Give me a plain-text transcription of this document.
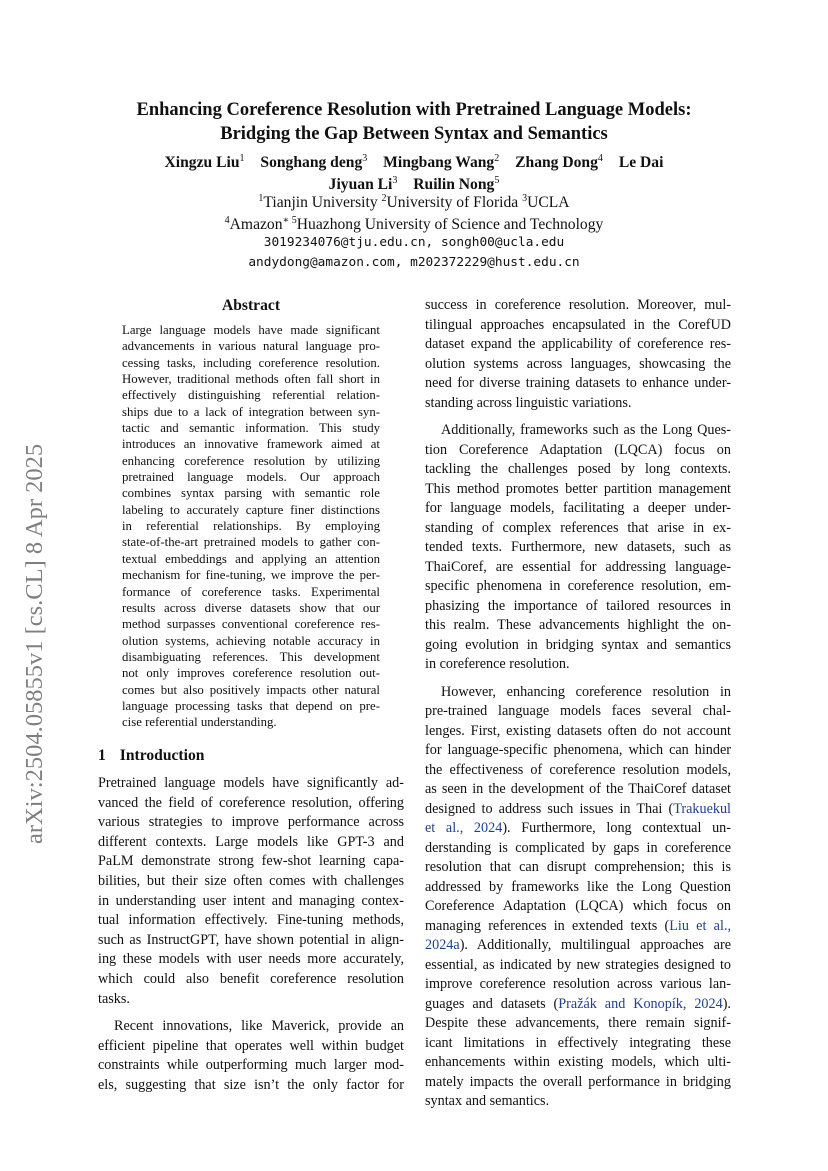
arXiv:2504.05855v1 [cs.CL] 8 Apr 2025
Enhancing Coreference Resolution with Pretrained Language Models:
Bridging the Gap Between Syntax and Semantics
Xingzu Liu$^1$ Songhang deng$^3$ Mingbang Wang$^2$ Zhang Dong$^4$ Le Dai
Jiyuan Li$^3$ Ruilin Nong$^5$
$^1$Tianjin University $^2$University of Florida $^3$UCLA
$^4$Amazon$^{∗ 5}$Huazhong University of Science and Technology
3019234076@tju.edu.cn, songh00@ucla.edu
andydong@amazon.com, m202372229@hust.edu.cn
Abstract
Large language models have made significant
advancements in various natural language pro-
cessing tasks, including coreference resolution.
However, traditional methods often fall short in
effectively distinguishing referential relation-
ships due to a lack of integration between syn-
tactic and semantic information. This study
introduces an innovative framework aimed at
enhancing coreference resolution by utilizing
pretrained language models. Our approach
combines syntax parsing with semantic role
labeling to accurately capture finer distinctions
in referential relationships. By employing
state-of-the-art pretrained models to gather con-
textual embeddings and applying an attention
mechanism for fine-tuning, we improve the per-
formance of coreference tasks. Experimental
results across diverse datasets show that our
method surpasses conventional coreference res-
olution systems, achieving notable accuracy in
disambiguating references. This development
not only improves coreference resolution out-
comes but also positively impacts other natural
language processing tasks that depend on pre-
cise referential understanding.
1 Introduction
Pretrained language models have significantly ad-
vanced the field of coreference resolution, offering
various strategies to improve performance across
different contexts. Large models like GPT-3 and
PaLM demonstrate strong few-shot learning capa-
bilities, but their size often comes with challenges
in understanding user intent and managing contex-
tual information effectively. Fine-tuning methods,
such as InstructGPT, have shown potential in align-
ing these models with user needs more accurately,
which could also benefit coreference resolution
tasks.
Recent innovations, like Maverick, provide an
efficient pipeline that operates well within budget
constraints while outperforming much larger mod-
els, suggesting that size isn’t the only factor for
success in coreference resolution. Moreover, mul-
tilingual approaches encapsulated in the CorefUD
dataset expand the applicability of coreference res-
olution systems across languages, showcasing the
need for diverse training datasets to enhance under-
standing across linguistic variations.
Additionally, frameworks such as the Long Ques-
tion Coreference Adaptation (LQCA) focus on
tackling the challenges posed by long contexts.
This method promotes better partition management
for language models, facilitating a deeper under-
standing of complex references that arise in ex-
tended texts. Furthermore, new datasets, such as
ThaiCoref, are essential for addressing language-
specific phenomena in coreference resolution, em-
phasizing the importance of tailored resources in
this realm. These advancements highlight the on-
going evolution in bridging syntax and semantics
in coreference resolution.
However, enhancing coreference resolution in
pre-trained language models faces several chal-
lenges. First, existing datasets often do not account
for language-specific phenomena, which can hinder
the effectiveness of coreference resolution models,
as seen in the development of the ThaiCoref dataset
designed to address such issues in Thai (Trakuekul
et al., 2024). Furthermore, long contextual un-
derstanding is complicated by gaps in coreference
resolution that can disrupt comprehension; this is
addressed by frameworks like the Long Question
Coreference Adaptation (LQCA) which focus on
managing references in extended texts (Liu et al.,
2024a). Additionally, multilingual approaches are
essential, as indicated by new strategies designed to
improve coreference resolution across various lan-
guages and datasets (Pražák and Konopík, 2024).
Despite these advancements, there remain signif-
icant limitations in effectively integrating these
enhancements within existing models, which ulti-
mately impacts the overall performance in bridging
syntax and semantics.
